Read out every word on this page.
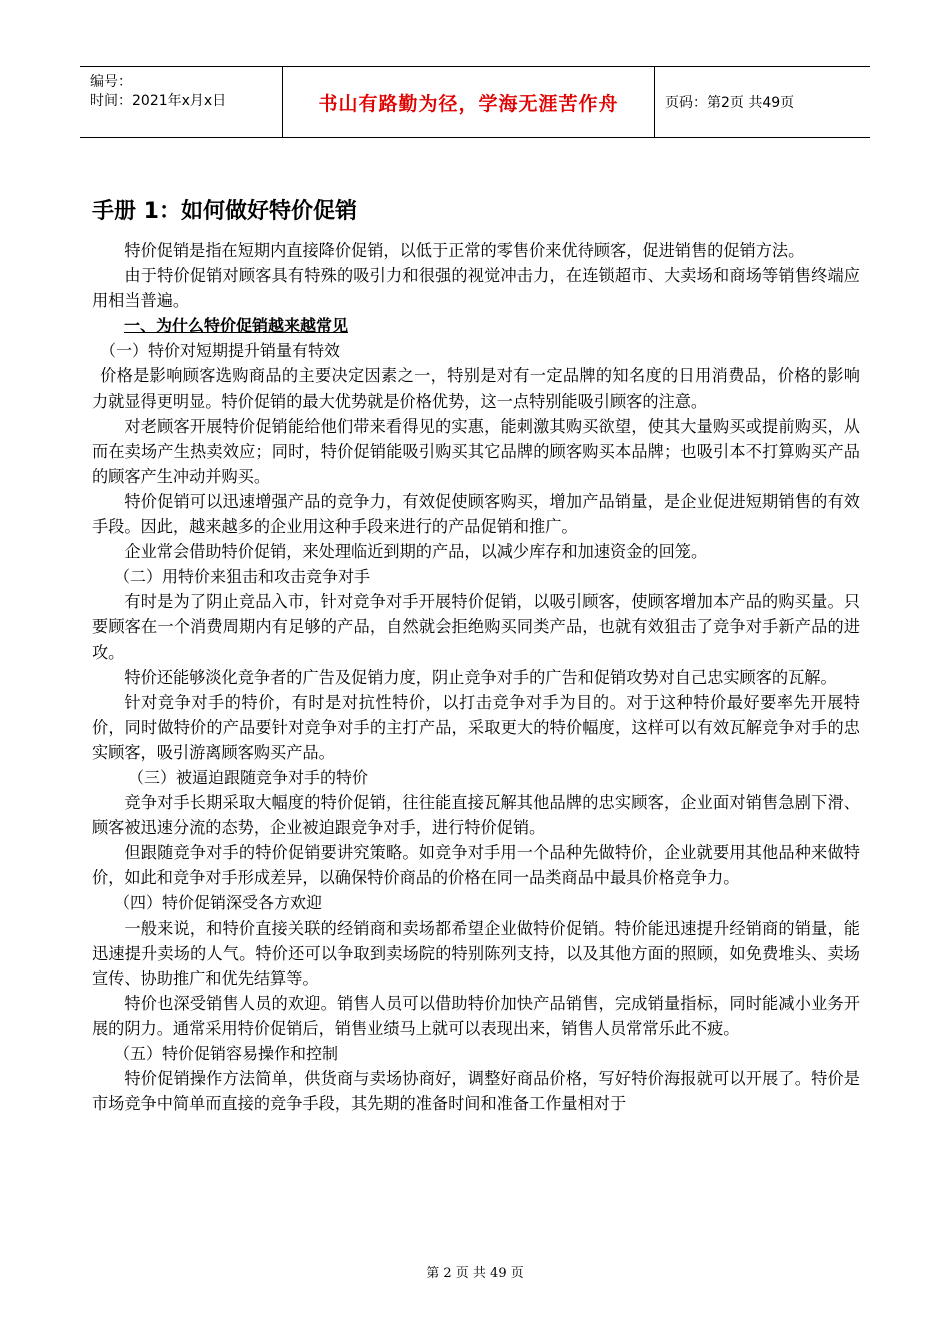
编号：
时间：2021年x月x日	书山有路勤为径，学海无涯苦作舟	页码：第2页 共49页
手册 1：如何做好特价促销

特价促销是指在短期内直接降价促销，以低于正常的零售价来优待顾客，促进销售的促销方法。

由于特价促销对顾客具有特殊的吸引力和很强的视觉冲击力，在连锁超市、大卖场和商场等销售终端应用相当普遍。

一、为什么特价促销越来越常见
（一）特价对短期提升销量有特效

价格是影响顾客选购商品的主要决定因素之一，特别是对有一定品牌的知名度的日用消费品，价格的影响力就显得更明显。特价促销的最大优势就是价格优势，这一点特别能吸引顾客的注意。

对老顾客开展特价促销能给他们带来看得见的实惠，能刺激其购买欲望，使其大量购买或提前购买，从而在卖场产生热卖效应；同时，特价促销能吸引购买其它品牌的顾客购买本品牌；也吸引本不打算购买产品的顾客产生冲动并购买。

特价促销可以迅速增强产品的竞争力，有效促使顾客购买，增加产品销量，是企业促进短期销售的有效手段。因此，越来越多的企业用这种手段来进行的产品促销和推广。

企业常会借助特价促销，来处理临近到期的产品，以减少库存和加速资金的回笼。

（二）用特价来狙击和攻击竞争对手

有时是为了阴止竞品入市，针对竞争对手开展特价促销，以吸引顾客，使顾客增加本产品的购买量。只要顾客在一个消费周期内有足够的产品，自然就会拒绝购买同类产品，也就有效狙击了竞争对手新产品的进攻。

特价还能够淡化竞争者的广告及促销力度，阴止竞争对手的广告和促销攻势对自己忠实顾客的瓦解。

针对竞争对手的特价，有时是对抗性特价，以打击竞争对手为目的。对于这种特价最好要率先开展特价，同时做特价的产品要针对竞争对手的主打产品，采取更大的特价幅度，这样可以有效瓦解竞争对手的忠实顾客，吸引游离顾客购买产品。

（三）被逼迫跟随竞争对手的特价

竞争对手长期采取大幅度的特价促销，往往能直接瓦解其他品牌的忠实顾客，企业面对销售急剧下滑、顾客被迅速分流的态势，企业被迫跟竞争对手，进行特价促销。

但跟随竞争对手的特价促销要讲究策略。如竞争对手用一个品种先做特价，企业就要用其他品种来做特价，如此和竞争对手形成差异，以确保特价商品的价格在同一品类商品中最具价格竞争力。

（四）特价促销深受各方欢迎

一般来说，和特价直接关联的经销商和卖场都希望企业做特价促销。特价能迅速提升经销商的销量，能迅速提升卖场的人气。特价还可以争取到卖场院的特别陈列支持，以及其他方面的照顾，如免费堆头、卖场宣传、协助推广和优先结算等。

特价也深受销售人员的欢迎。销售人员可以借助特价加快产品销售，完成销量指标，同时能减小业务开展的阴力。通常采用特价促销后，销售业绩马上就可以表现出来，销售人员常常乐此不疲。

（五）特价促销容易操作和控制

特价促销操作方法简单，供货商与卖场协商好，调整好商品价格，写好特价海报就可以开展了。特价是市场竞争中简单而直接的竞争手段，其先期的准备时间和准备工作量相对于

第 2 页 共 49 页
